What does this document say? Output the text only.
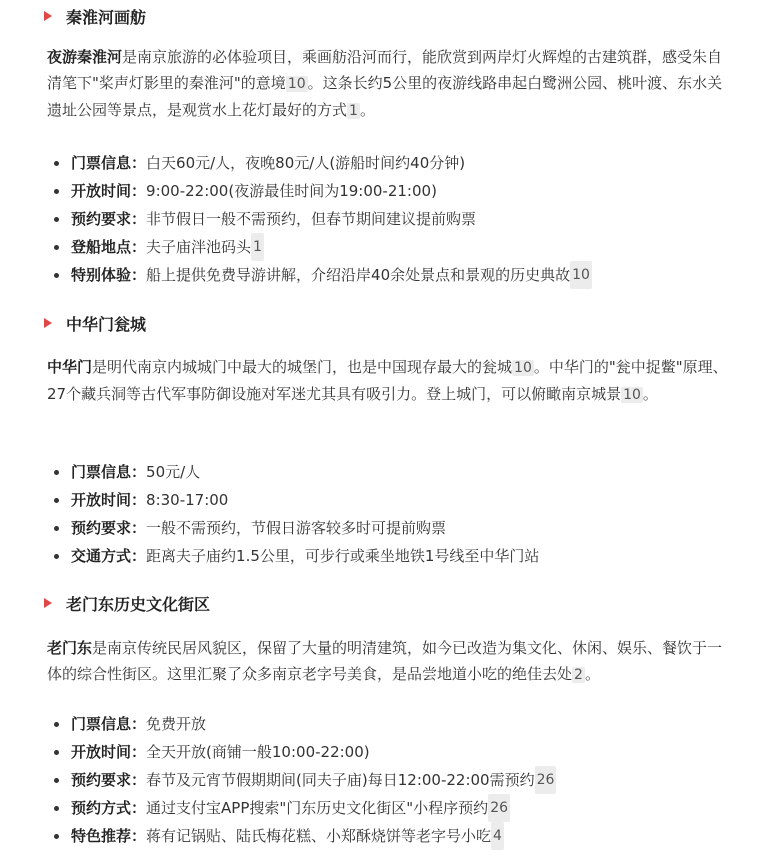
秦淮河画舫
夜游秦淮河是南京旅游的必体验项目，乘画舫沿河而行，能欣赏到两岸灯火辉煌的古建筑群，感受朱自清笔下"桨声灯影里的秦淮河"的意境 10 。这条长约5公里的夜游线路串起白鹭洲公园、桃叶渡、东水关遗址公园等景点，是观赏水上花灯最好的方式 1 。
门票信息 ： 白天60元/人，夜晚80元/人(游船时间约40分钟)
开放时间 ： 9:00-22:00(夜游最佳时间为19:00-21:00)
预约要求 ： 非节假日一般不需预约，但春节期间建议提前购票
登船地点 ： 夫子庙泮池码头 1
特别体验 ： 船上提供免费导游讲解，介绍沿岸40余处景点和景观的历史典故 10
中华门瓮城
中华门是明代南京内城城门中最大的城堡门，也是中国现存最大的瓮城 10 。中华门的"瓮中捉鳖"原理、27个藏兵洞等古代军事防御设施对军迷尤其具有吸引力。登上城门，可以俯瞰南京城景 10 。
门票信息 ： 50元/人
开放时间 ： 8:30-17:00
预约要求 ： 一般不需预约，节假日游客较多时可提前购票
交通方式 ： 距离夫子庙约1.5公里，可步行或乘坐地铁1号线至中华门站
老门东历史文化街区
老门东是南京传统民居风貌区，保留了大量的明清建筑，如今已改造为集文化、休闲、娱乐、餐饮于一体的综合性街区。这里汇聚了众多南京老字号美食，是品尝地道小吃的绝佳去处 2 。
门票信息 ： 免费开放
开放时间 ： 全天开放(商铺一般10:00-22:00)
预约要求 ： 春节及元宵节假期期间(同夫子庙)每日12:00-22:00需预约 26
预约方式 ： 通过支付宝APP搜索"门东历史文化街区"小程序预约 26
特色推荐 ： 蒋有记锅贴、陆氏梅花糕、小郑酥烧饼等老字号小吃 4
